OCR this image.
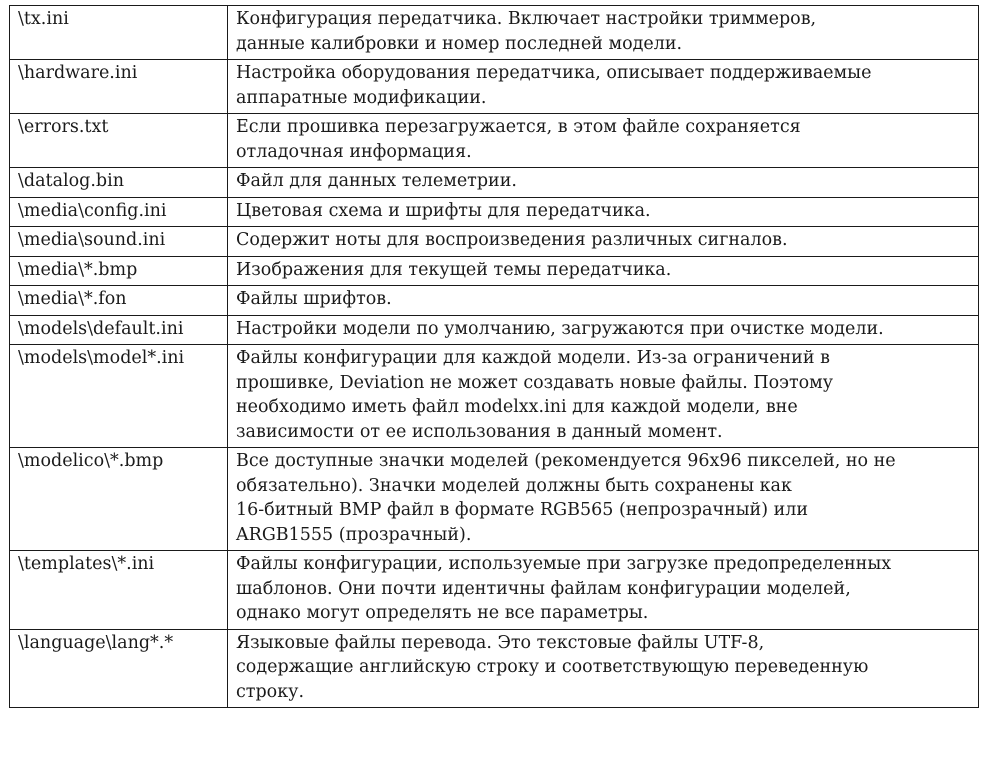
\tx.ini	Конфигурация передатчика. Включает настройки триммеров,
данные калибровки и номер последней модели.

\hardware.ini	Настройка оборудования передатчика, описывает поддерживаемые
аппаратные модификации.

\errors.txt	Если прошивка перезагружается, в этом файле сохраняется
отладочная информация.

\datalog.bin	Файл для данных телеметрии.

\media\config.ini	Цветовая схема и шрифты для передатчика.

\media\sound.ini	Содержит ноты для воспроизведения различных сигналов.

\media\*.bmp	Изображения для текущей темы передатчика.

\media\*.fon	Файлы шрифтов.

\models\default.ini	Настройки модели по умолчанию, загружаются при очистке модели.

\models\model*.ini	Файлы конфигурации для каждой модели. Из-за ограничений в
прошивке, Deviation не может создавать новые файлы. Поэтому
необходимо иметь файл modelxx.ini для каждой модели, вне
зависимости от ее использования в данный момент.

\modelico\*.bmp	Все доступные значки моделей (рекомендуется 96x96 пикселей, но не
обязательно). Значки моделей должны быть сохранены как
16-битный BMP файл в формате RGB565 (непрозрачный) или
ARGB1555 (прозрачный).

\templates\*.ini	Файлы конфигурации, используемые при загрузке предопределенных
шаблонов. Они почти идентичны файлам конфигурации моделей,
однако могут определять не все параметры.

\language\lang*.*	Языковые файлы перевода. Это текстовые файлы UTF-8,
содержащие английскую строку и соответствующую переведенную
строку.
